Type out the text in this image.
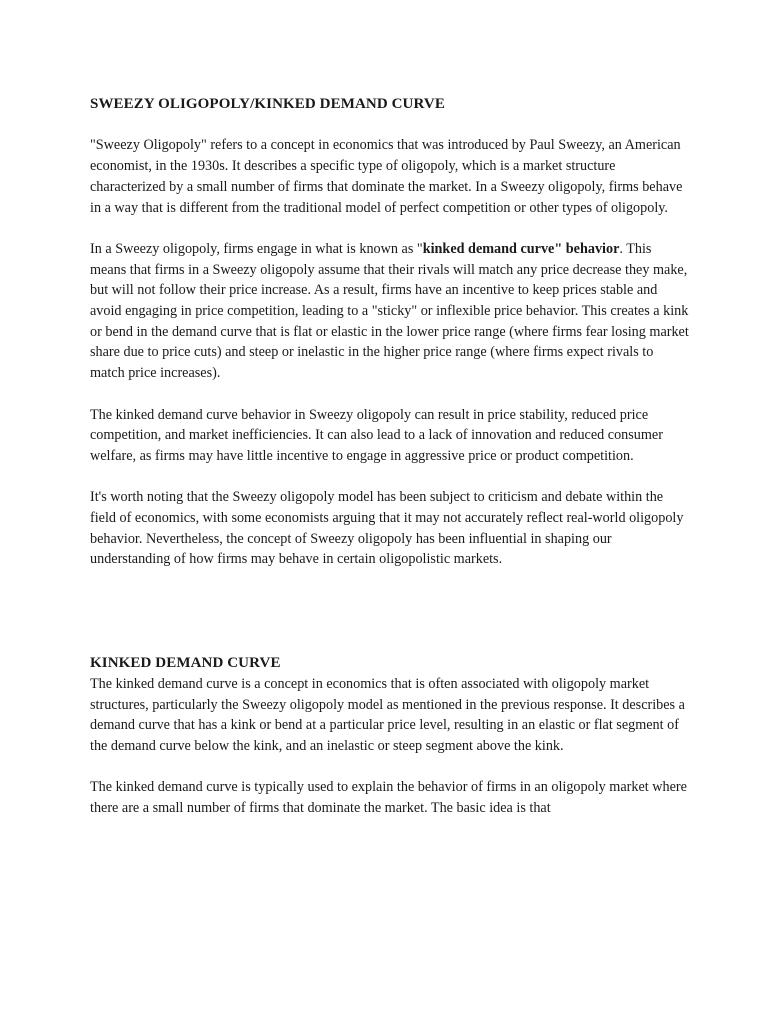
SWEEZY OLIGOPOLY/KINKED DEMAND CURVE

"Sweezy Oligopoly" refers to a concept in economics that was introduced by Paul Sweezy, an American economist, in the 1930s. It describes a specific type of oligopoly, which is a market structure characterized by a small number of firms that dominate the market. In a Sweezy oligopoly, firms behave in a way that is different from the traditional model of perfect competition or other types of oligopoly.

In a Sweezy oligopoly, firms engage in what is known as "kinked demand curve" behavior. This means that firms in a Sweezy oligopoly assume that their rivals will match any price decrease they make, but will not follow their price increase. As a result, firms have an incentive to keep prices stable and avoid engaging in price competition, leading to a "sticky" or inflexible price behavior. This creates a kink or bend in the demand curve that is flat or elastic in the lower price range (where firms fear losing market share due to price cuts) and steep or inelastic in the higher price range (where firms expect rivals to match price increases).

The kinked demand curve behavior in Sweezy oligopoly can result in price stability, reduced price competition, and market inefficiencies. It can also lead to a lack of innovation and reduced consumer welfare, as firms may have little incentive to engage in aggressive price or product competition.

It's worth noting that the Sweezy oligopoly model has been subject to criticism and debate within the field of economics, with some economists arguing that it may not accurately reflect real-world oligopoly behavior. Nevertheless, the concept of Sweezy oligopoly has been influential in shaping our understanding of how firms may behave in certain oligopolistic markets.

KINKED DEMAND CURVE

The kinked demand curve is a concept in economics that is often associated with oligopoly market structures, particularly the Sweezy oligopoly model as mentioned in the previous response. It describes a demand curve that has a kink or bend at a particular price level, resulting in an elastic or flat segment of the demand curve below the kink, and an inelastic or steep segment above the kink.

The kinked demand curve is typically used to explain the behavior of firms in an oligopoly market where there are a small number of firms that dominate the market. The basic idea is that
